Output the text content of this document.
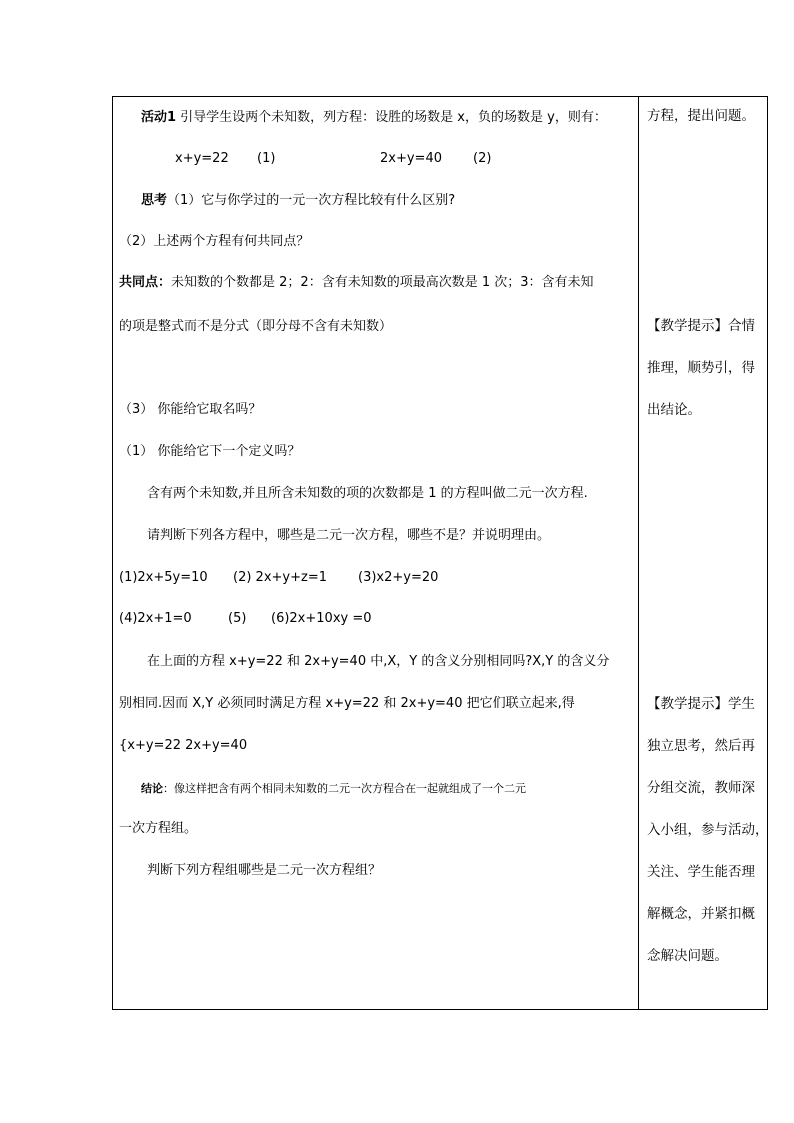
活动1 引导学生设两个未知数，列方程：设胜的场数是 x，负的场数是 y，则有：
x+y=22 (1)	2x+y=40 (2)
思考（1）它与你学过的一元一次方程比较有什么区别?
（2）上述两个方程有何共同点？
共同点：未知数的个数都是 2；2：含有未知数的项最高次数是 1 次；3：含有未知
的项是整式而不是分式（即分母不含有未知数）
（3） 你能给它取名吗？
（1） 你能给它下一个定义吗？
含有两个未知数,并且所含未知数的项的次数都是 1 的方程叫做二元一次方程.
请判断下列各方程中，哪些是二元一次方程，哪些不是？并说明理由。
(1)2x+5y=10 (2) 2x+y+z=1 (3)x2+y=20
(4)2x+1=0	(5) (6)2x+10xy =0
在上面的方程 x+y=22 和 2x+y=40 中,X，Y 的含义分别相同吗?X,Y 的含义分
别相同.因而 X,Y 必须同时满足方程 x+y=22 和 2x+y=40 把它们联立起来,得
{x+y=22 2x+y=40
结论：像这样把含有两个相同未知数的二元一次方程合在一起就组成了一个二元
一次方程组。
判断下列方程组哪些是二元一次方程组？
方程，提出问题。
【教学提示】合情
推理，顺势引，得
出结论。
【教学提示】学生
独立思考，然后再
分组交流，教师深
入小组，参与活动，
关注、学生能否理
解概念，并紧扣概
念解决问题。
